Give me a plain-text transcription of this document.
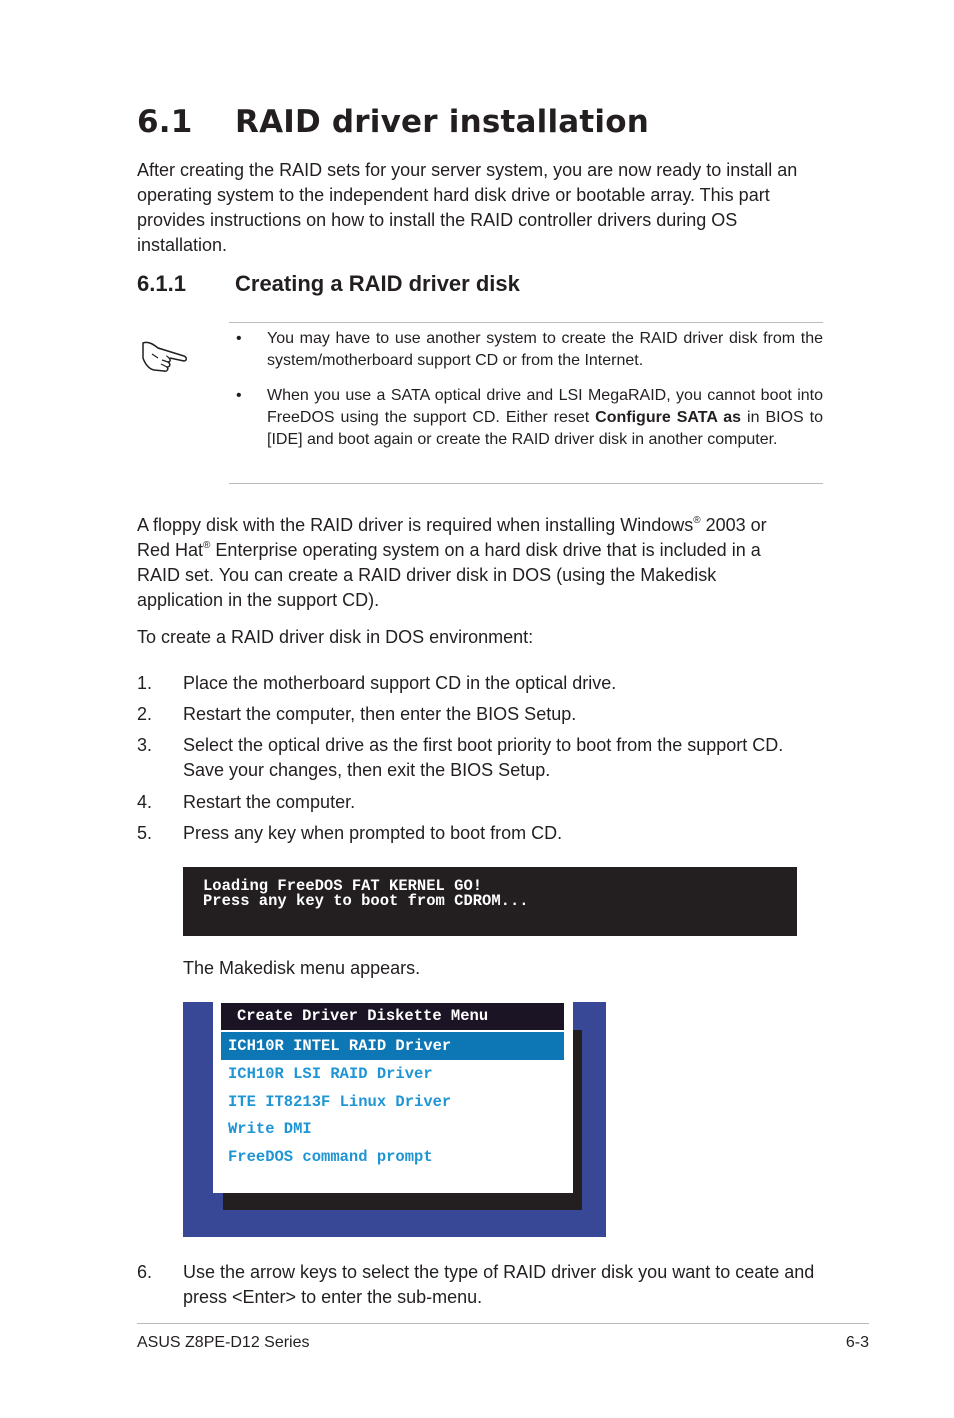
6.1 RAID driver installation

After creating the RAID sets for your server system, you are now ready to install an operating system to the independent hard disk drive or bootable array. This part provides instructions on how to install the RAID controller drivers during OS installation.

6.1.1 Creating a RAID driver disk
• You may have to use another system to create the RAID driver disk from the system/motherboard support CD or from the Internet.
• When you use a SATA optical drive and LSI MegaRAID, you cannot boot into FreeDOS using the support CD. Either reset Configure SATA as in BIOS to [IDE] and boot again or create the RAID driver disk in another computer.

A floppy disk with the RAID driver is required when installing Windows® 2003 or Red Hat® Enterprise operating system on a hard disk drive that is included in a RAID set. You can create a RAID driver disk in DOS (using the Makedisk application in the support CD).

To create a RAID driver disk in DOS environment:

1. Place the motherboard support CD in the optical drive.
2. Restart the computer, then enter the BIOS Setup.
3. Select the optical drive as the first boot priority to boot from the support CD. Save your changes, then exit the BIOS Setup.
4. Restart the computer.
5. Press any key when prompted to boot from CD.
Loading FreeDOS FAT KERNEL GO!
Press any key to boot from CDROM...
The Makedisk menu appears.
Create Driver Diskette Menu
ICH10R INTEL RAID Driver
ICH10R LSI RAID Driver
ITE IT8213F Linux Driver
Write DMI
FreeDOS command prompt
6. Use the arrow keys to select the type of RAID driver disk you want to ceate and press <Enter> to enter the sub-menu.
ASUS Z8PE-D12 Series	6-3
